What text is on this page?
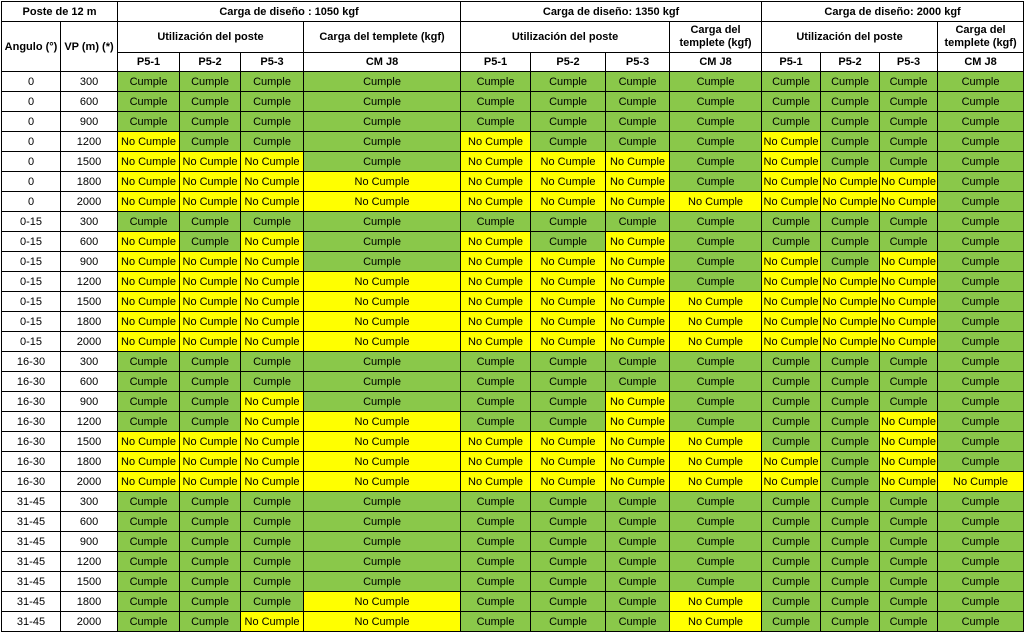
Poste de 12 m		Carga de diseño : 1050 kgf				Carga de diseño: 1350 kgf				Carga de diseño: 2000 kgf			
Angulo (°)	VP (m) (*)	Utilización del poste			Carga del templete (kgf)	Utilización del poste			Carga del templete (kgf)	Utilización del poste			Carga del templete (kgf)
		P5-1	P5-2	P5-3	CM J8	P5-1	P5-2	P5-3	CM J8	P5-1	P5-2	P5-3	CM J8
0	300	Cumple	Cumple	Cumple	Cumple	Cumple	Cumple	Cumple	Cumple	Cumple	Cumple	Cumple	Cumple
0	600	Cumple	Cumple	Cumple	Cumple	Cumple	Cumple	Cumple	Cumple	Cumple	Cumple	Cumple	Cumple
0	900	Cumple	Cumple	Cumple	Cumple	Cumple	Cumple	Cumple	Cumple	Cumple	Cumple	Cumple	Cumple
0	1200	No Cumple	Cumple	Cumple	Cumple	No Cumple	Cumple	Cumple	Cumple	No Cumple	Cumple	Cumple	Cumple
0	1500	No Cumple	No Cumple	No Cumple	Cumple	No Cumple	No Cumple	No Cumple	Cumple	No Cumple	Cumple	Cumple	Cumple
0	1800	No Cumple	No Cumple	No Cumple	No Cumple	No Cumple	No Cumple	No Cumple	Cumple	No Cumple	No Cumple	No Cumple	Cumple
0	2000	No Cumple	No Cumple	No Cumple	No Cumple	No Cumple	No Cumple	No Cumple	No Cumple	No Cumple	No Cumple	No Cumple	Cumple
0-15	300	Cumple	Cumple	Cumple	Cumple	Cumple	Cumple	Cumple	Cumple	Cumple	Cumple	Cumple	Cumple
0-15	600	No Cumple	Cumple	No Cumple	Cumple	No Cumple	Cumple	No Cumple	Cumple	Cumple	Cumple	Cumple	Cumple
0-15	900	No Cumple	No Cumple	No Cumple	Cumple	No Cumple	No Cumple	No Cumple	Cumple	No Cumple	Cumple	No Cumple	Cumple
0-15	1200	No Cumple	No Cumple	No Cumple	No Cumple	No Cumple	No Cumple	No Cumple	Cumple	No Cumple	No Cumple	No Cumple	Cumple
0-15	1500	No Cumple	No Cumple	No Cumple	No Cumple	No Cumple	No Cumple	No Cumple	No Cumple	No Cumple	No Cumple	No Cumple	Cumple
0-15	1800	No Cumple	No Cumple	No Cumple	No Cumple	No Cumple	No Cumple	No Cumple	No Cumple	No Cumple	No Cumple	No Cumple	Cumple
0-15	2000	No Cumple	No Cumple	No Cumple	No Cumple	No Cumple	No Cumple	No Cumple	No Cumple	No Cumple	No Cumple	No Cumple	Cumple
16-30	300	Cumple	Cumple	Cumple	Cumple	Cumple	Cumple	Cumple	Cumple	Cumple	Cumple	Cumple	Cumple
16-30	600	Cumple	Cumple	Cumple	Cumple	Cumple	Cumple	Cumple	Cumple	Cumple	Cumple	Cumple	Cumple
16-30	900	Cumple	Cumple	No Cumple	Cumple	Cumple	Cumple	No Cumple	Cumple	Cumple	Cumple	Cumple	Cumple
16-30	1200	Cumple	Cumple	No Cumple	No Cumple	Cumple	Cumple	No Cumple	Cumple	Cumple	Cumple	No Cumple	Cumple
16-30	1500	No Cumple	No Cumple	No Cumple	No Cumple	No Cumple	No Cumple	No Cumple	No Cumple	Cumple	Cumple	No Cumple	Cumple
16-30	1800	No Cumple	No Cumple	No Cumple	No Cumple	No Cumple	No Cumple	No Cumple	No Cumple	No Cumple	Cumple	No Cumple	Cumple
16-30	2000	No Cumple	No Cumple	No Cumple	No Cumple	No Cumple	No Cumple	No Cumple	No Cumple	No Cumple	Cumple	No Cumple	No Cumple
31-45	300	Cumple	Cumple	Cumple	Cumple	Cumple	Cumple	Cumple	Cumple	Cumple	Cumple	Cumple	Cumple
31-45	600	Cumple	Cumple	Cumple	Cumple	Cumple	Cumple	Cumple	Cumple	Cumple	Cumple	Cumple	Cumple
31-45	900	Cumple	Cumple	Cumple	Cumple	Cumple	Cumple	Cumple	Cumple	Cumple	Cumple	Cumple	Cumple
31-45	1200	Cumple	Cumple	Cumple	Cumple	Cumple	Cumple	Cumple	Cumple	Cumple	Cumple	Cumple	Cumple
31-45	1500	Cumple	Cumple	Cumple	Cumple	Cumple	Cumple	Cumple	Cumple	Cumple	Cumple	Cumple	Cumple
31-45	1800	Cumple	Cumple	Cumple	No Cumple	Cumple	Cumple	Cumple	No Cumple	Cumple	Cumple	Cumple	Cumple
31-45	2000	Cumple	Cumple	No Cumple	No Cumple	Cumple	Cumple	Cumple	No Cumple	Cumple	Cumple	Cumple	Cumple
